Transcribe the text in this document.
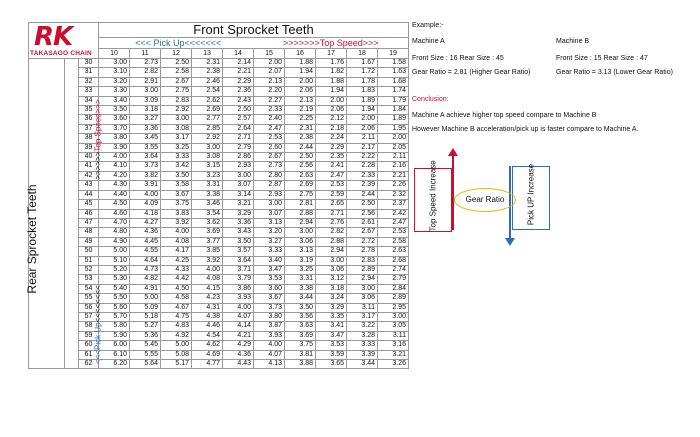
			Front Sprocket Teeth									
			<<< Pick Up<<<<<<<					>>>>>>>Top Speed>>>				
			10	11	12	13	14	15	16	17	18	19
		30	3.00	2.73	2.50	2.31	2.14	2.00	1.88	1.76	1.67	1.58
		31	3.10	2.82	2.58	2.38	2.21	2.07	1.94	1.82	1.72	1.63
		32	3.20	2.91	2.67	2.46	2.29	2.13	2.00	1.88	1.78	1.68
		33	3.30	3.00	2.75	2.54	2.36	2.20	2.06	1.94	1.83	1.74
		34	3.40	3.09	2.83	2.62	2.43	2.27	2.13	2.00	1.89	1.79
		35	3.50	3.18	2.92	2.69	2.50	2.33	2.19	2.06	1.94	1.84
		36	3.60	3.27	3.00	2.77	2.57	2.40	2.25	2.12	2.00	1.89
		37	3.70	3.36	3.08	2.85	2.64	2.47	2.31	2.18	2.06	1.95
		38	3.80	3.45	3.17	2.92	2.71	2.53	2.38	2.24	2.11	2.00
		39	3.90	3.55	3.25	3.00	2.79	2.60	2.44	2.29	2.17	2.05
		40	4.00	3.64	3.33	3.08	2.86	2.67	2.50	2.35	2.22	2.11
		41	4.10	3.73	3.42	3.15	2.93	2.73	2.56	2.41	2.28	2.16
		42	4.20	3.82	3.50	3.23	3.00	2.80	2.63	2.47	2.33	2.21
		43	4.30	3.91	3.58	3.31	3.07	2.87	2.69	2.53	2.39	2.26
		44	4.40	4.00	3.67	3.38	3.14	2.93	2.75	2.59	2.44	2.32
		45	4.50	4.09	3.75	3.46	3.21	3.00	2.81	2.65	2.50	2.37
		46	4.60	4.18	3.83	3.54	3.29	3.07	2.88	2.71	2.56	2.42
		47	4.70	4.27	3.92	3.62	3.36	3.13	2.94	2.76	2.61	2.47
		48	4.80	4.36	4.00	3.69	3.43	3.20	3.00	2.82	2.67	2.53
		49	4.90	4.45	4.08	3.77	3.50	3.27	3.06	2.88	2.72	2.58
		50	5.00	4.55	4.17	3.85	3.57	3.33	3.13	2.94	2.78	2.63
		51	5.10	4.64	4.25	3.92	3.64	3.40	3.19	3.00	2.83	2.68
		52	5.20	4.73	4.33	4.00	3.71	3.47	3.25	3.06	2.89	2.74
		53	5.30	4.82	4.42	4.08	3.79	3.53	3.31	3.12	2.94	2.79
		54	5.40	4.91	4.50	4.15	3.86	3.60	3.38	3.18	3.00	2.84
		55	5.50	5.00	4.58	4.23	3.93	3.67	3.44	3.24	3.06	2.89
		56	5.60	5.09	4.67	4.31	4.00	3.73	3.50	3.29	3.11	2.95
		57	5.70	5.18	4.75	4.38	4.07	3.80	3.56	3.35	3.17	3.00
		58	5.80	5.27	4.83	4.46	4.14	3.87	3.63	3.41	3.22	3.05
		59	5.90	5.36	4.92	4.54	4.21	3.93	3.69	3.47	3.28	3.11
		60	6.00	5.45	5.00	4.62	4.29	4.00	3.75	3.53	3.33	3.16
		61	6.10	5.55	5.08	4.69	4.36	4.07	3.81	3.59	3.39	3.21
		62	6.20	5.64	5.17	4.77	4.43	4.13	3.88	3.65	3.44	3.26
RK
TAKASAGO CHAIN
Rear Sprocket Teeth
>>>>>>Top Speed>>>
<<<Pick Up<<<<<<<<
Example:-
Machine A
Front Size : 16 Rear Size : 45
Gear Ratio = 2.81 (Higher Gear Ratio)
Machine B
Front Size : 15 Rear Size : 47
Gear Ratio = 3.13 (Lower Gear Ratio)
Conclusion:
Machine A achieve higher top speed compare to Machine B
However Machine B acceleration/pick up is faster compare to Machine A.
Top Speed Increase	Pick UP Increase
Gear Ratio
